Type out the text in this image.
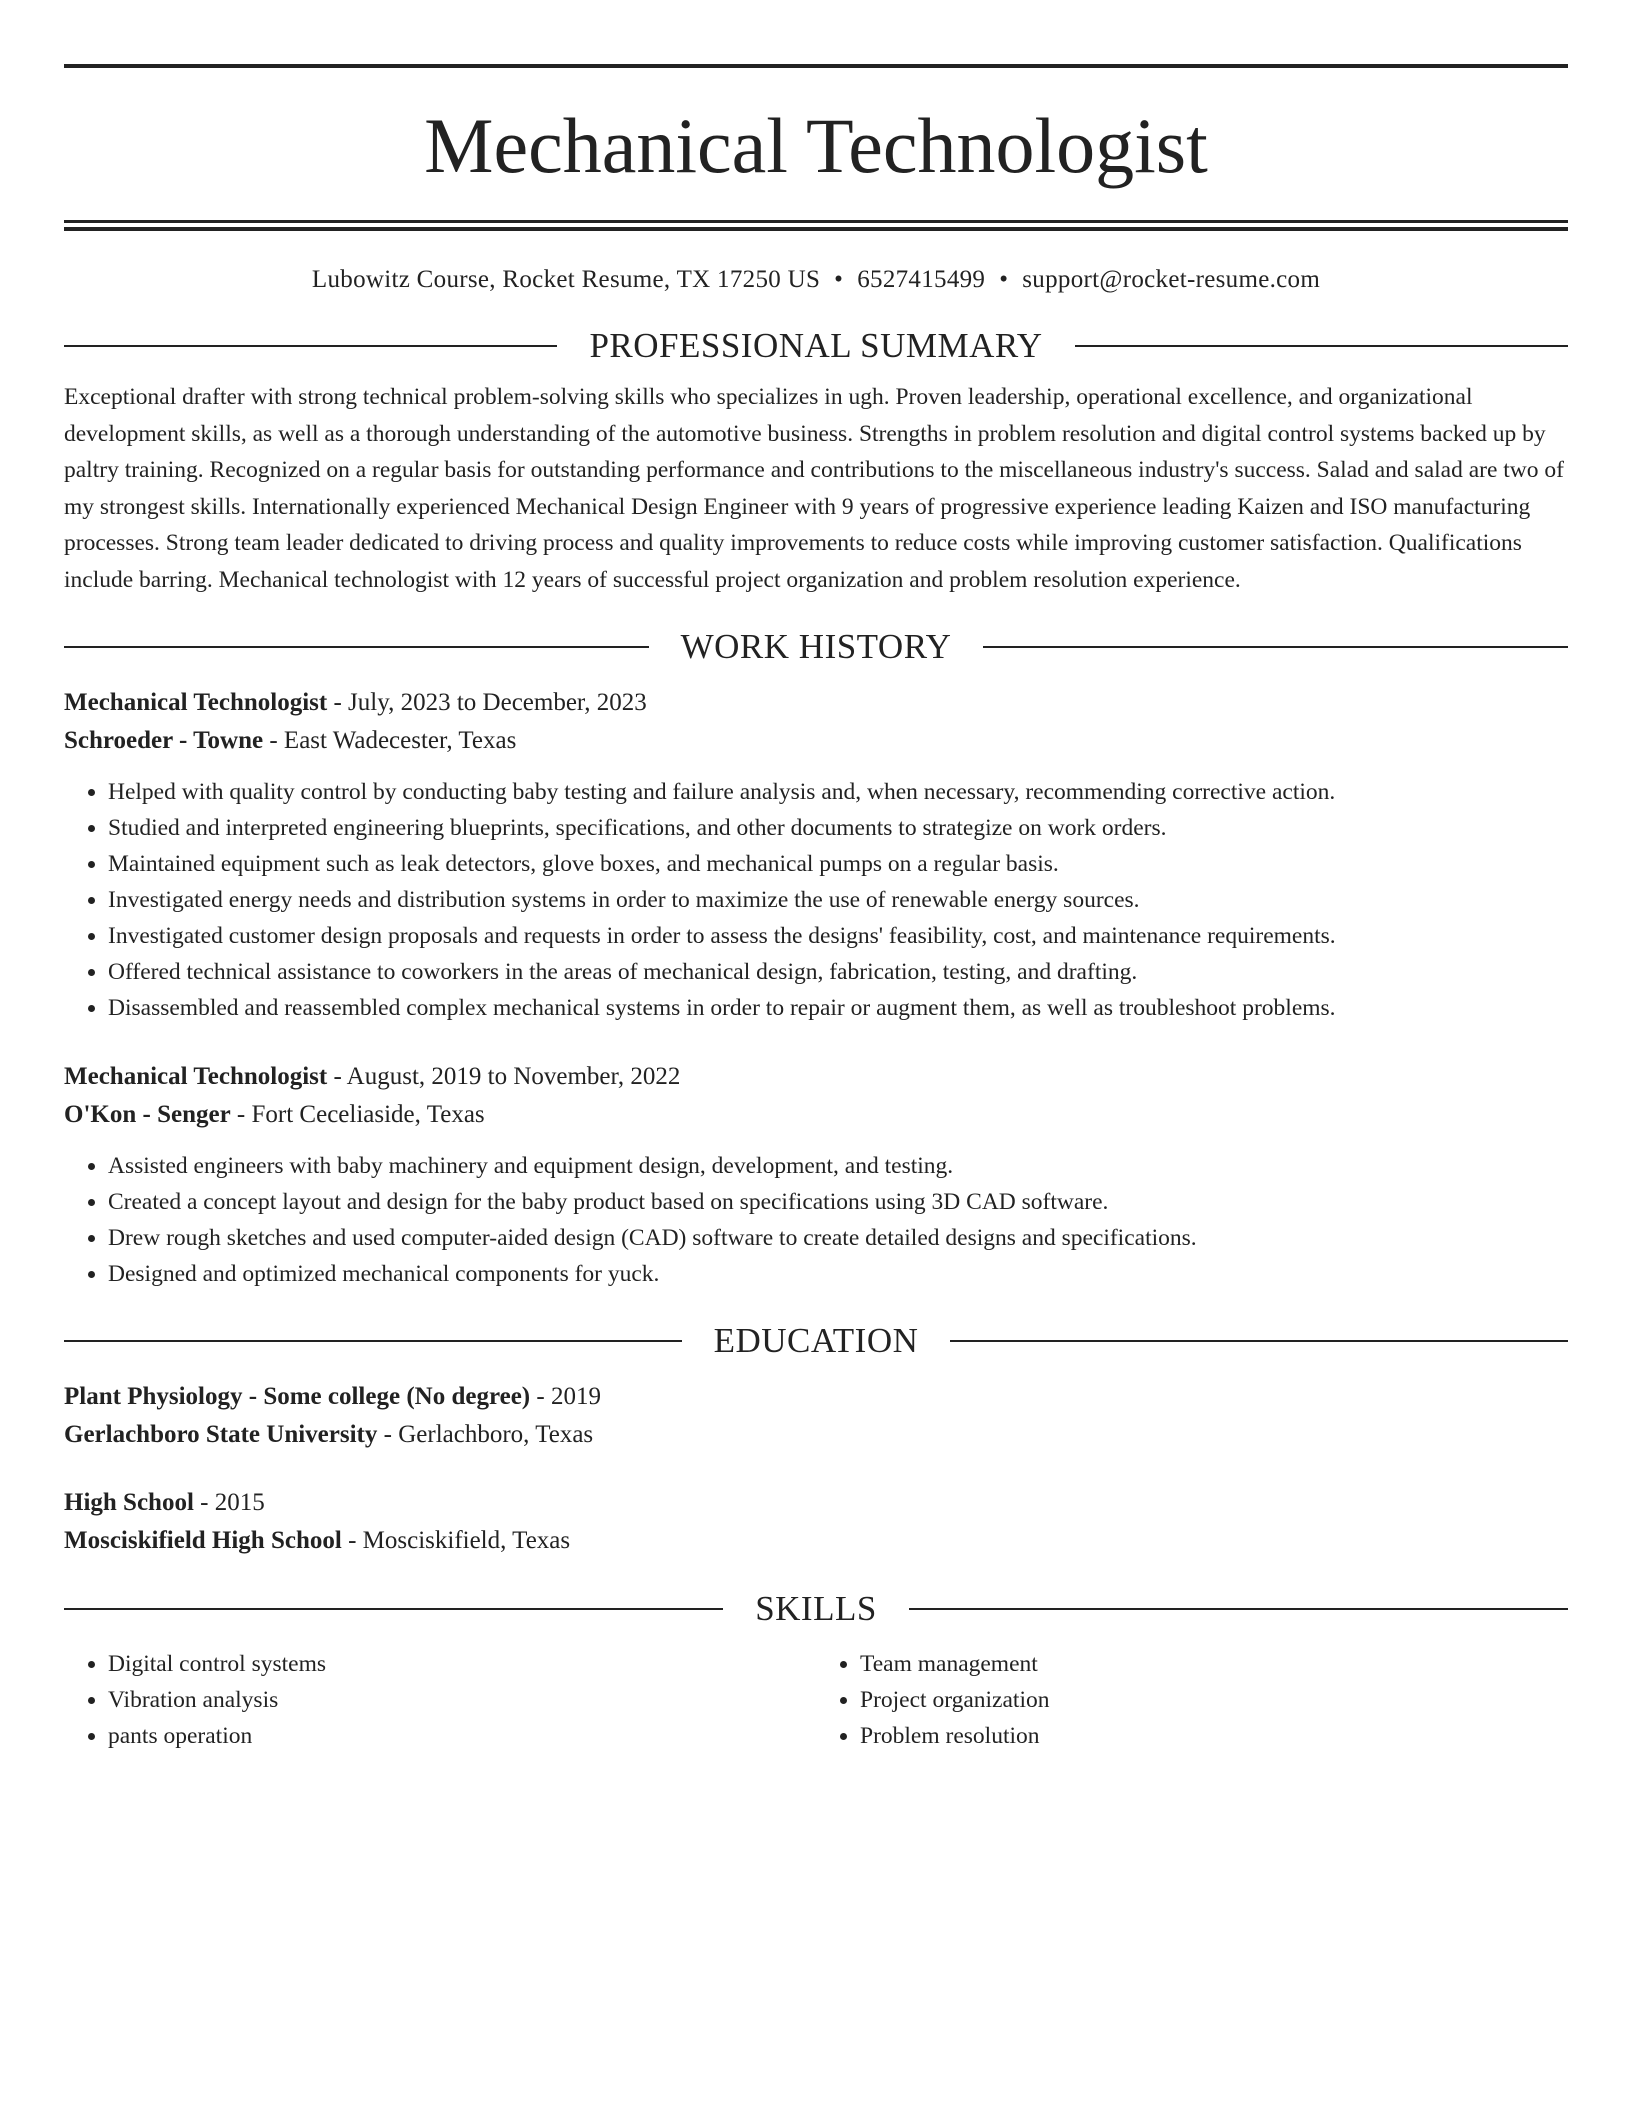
Mechanical Technologist
Lubowitz Course, Rocket Resume, TX 17250 US • 6527415499 • support@rocket-resume.com
PROFESSIONAL SUMMARY
Exceptional drafter with strong technical problem-solving skills who specializes in ugh. Proven leadership, operational excellence, and organizational development skills, as well as a thorough understanding of the automotive business. Strengths in problem resolution and digital control systems backed up by paltry training. Recognized on a regular basis for outstanding performance and contributions to the miscellaneous industry's success. Salad and salad are two of my strongest skills. Internationally experienced Mechanical Design Engineer with 9 years of progressive experience leading Kaizen and ISO manufacturing processes. Strong team leader dedicated to driving process and quality improvements to reduce costs while improving customer satisfaction. Qualifications include barring. Mechanical technologist with 12 years of successful project organization and problem resolution experience.
WORK HISTORY
Mechanical Technologist - July, 2023 to December, 2023
Schroeder - Towne - East Wadecester, Texas
• Helped with quality control by conducting baby testing and failure analysis and, when necessary, recommending corrective action.
• Studied and interpreted engineering blueprints, specifications, and other documents to strategize on work orders.
• Maintained equipment such as leak detectors, glove boxes, and mechanical pumps on a regular basis.
• Investigated energy needs and distribution systems in order to maximize the use of renewable energy sources.
• Investigated customer design proposals and requests in order to assess the designs' feasibility, cost, and maintenance requirements.
• Offered technical assistance to coworkers in the areas of mechanical design, fabrication, testing, and drafting.
• Disassembled and reassembled complex mechanical systems in order to repair or augment them, as well as troubleshoot problems.
Mechanical Technologist - August, 2019 to November, 2022
O'Kon - Senger - Fort Ceceliaside, Texas
• Assisted engineers with baby machinery and equipment design, development, and testing.
• Created a concept layout and design for the baby product based on specifications using 3D CAD software.
• Drew rough sketches and used computer-aided design (CAD) software to create detailed designs and specifications.
• Designed and optimized mechanical components for yuck.
EDUCATION
Plant Physiology - Some college (No degree) - 2019
Gerlachboro State University - Gerlachboro, Texas
High School - 2015
Mosciskifield High School - Mosciskifield, Texas
SKILLS
• Digital control systems
• Vibration analysis
• pants operation
• Team management
• Project organization
• Problem resolution
